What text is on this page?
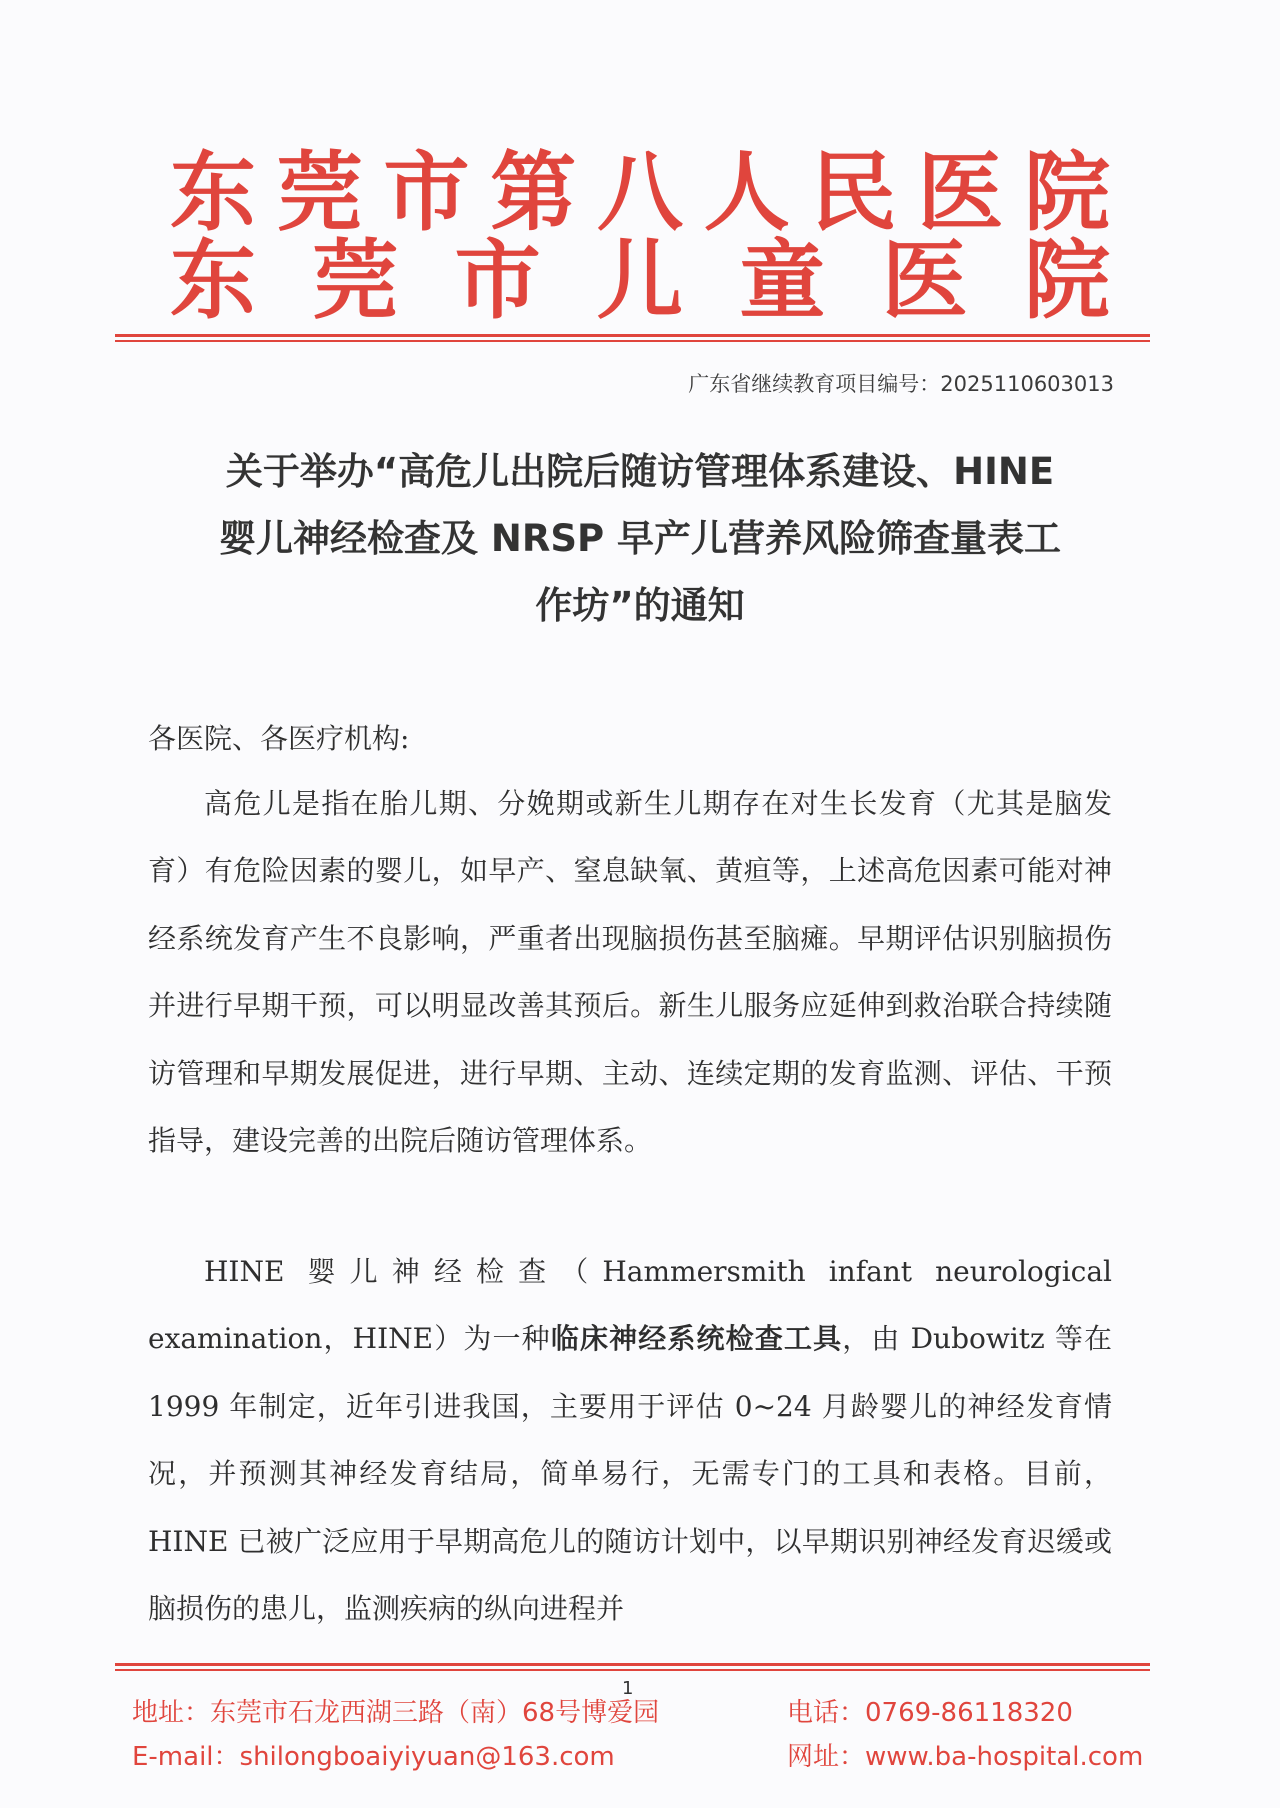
东 莞 市 第 八 人 民 医 院
东 莞 市 儿 童 医 院
广东省继续教育项目编号：2025110603013
关于举办“高危儿出院后随访管理体系建设、HINE
婴儿神经检查及 NRSP 早产儿营养风险筛查量表工
作坊”的通知
各医院、各医疗机构:
高危儿是指在胎儿期、分娩期或新生儿期存在对生长发育（尤其是脑发育）有危险因素的婴儿，如早产、窒息缺氧、黄疸等，上述高危因素可能对神经系统发育产生不良影响，严重者出现脑损伤甚至脑瘫。早期评估识别脑损伤并进行早期干预，可以明显改善其预后。新生儿服务应延伸到救治联合持续随访管理和早期发展促进，进行早期、主动、连续定期的发育监测、评估、干预指导，建设完善的出院后随访管理体系。
HINE 婴儿神经检查（Hammersmith infant neurological examination，HINE）为一种临床神经系统检查工具，由 Dubowitz 等在 1999 年制定，近年引进我国，主要用于评估 0~24 月龄婴儿的神经发育情况，并预测其神经发育结局，简单易行，无需专门的工具和表格。目前，HINE 已被广泛应用于早期高危儿的随访计划中，以早期识别神经发育迟缓或脑损伤的患儿，监测疾病的纵向进程并
1
地址：东莞市石龙西湖三路（南）68号博爱园	电话：0769-86118320
E-mail：shilongboaiyiyuan@163.com	网址：www.ba-hospital.com
